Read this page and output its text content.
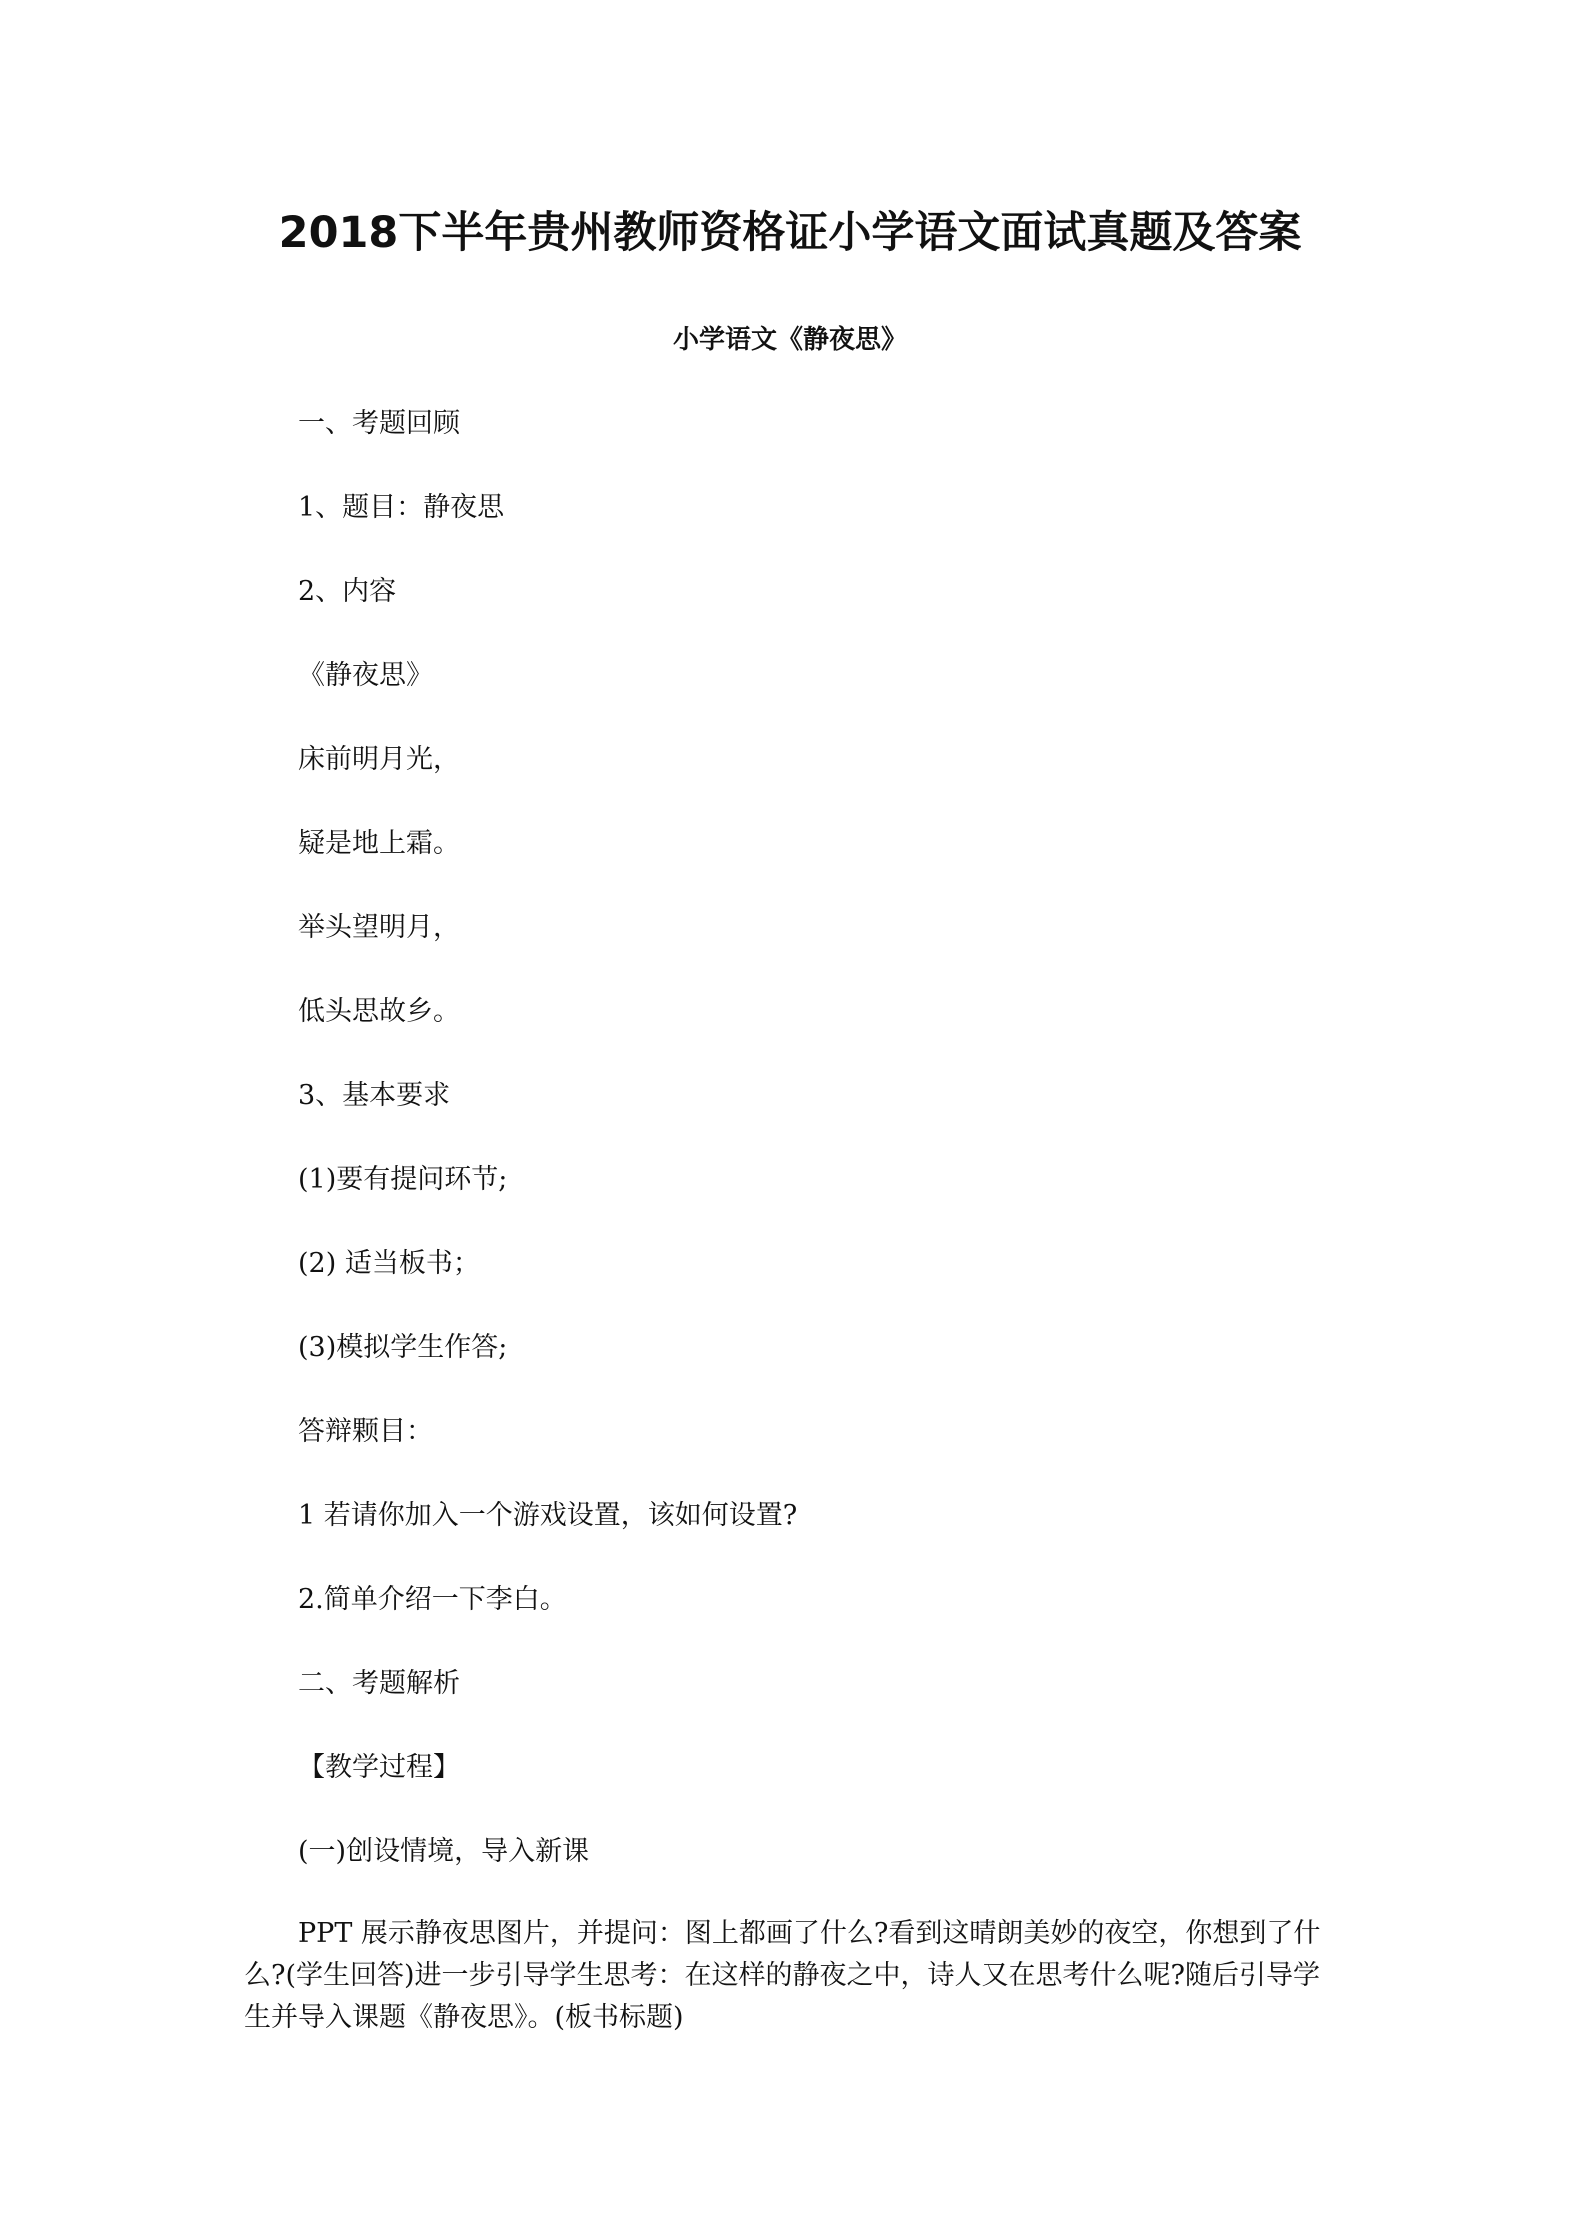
2018下半年贵州教师资格证小学语文面试真题及答案
小学语文《静夜思》
一、考题回顾
1、题目：静夜思
2、内容
《静夜思》
床前明月光，
疑是地上霜。
举头望明月，
低头思故乡。
3、基本要求
(1)要有提问环节;
(2) 适当板书；
(3)模拟学生作答;
答辩颗目：
1 若请你加入一个游戏设置，该如何设置?
2.简单介绍一下李白。
二、考题解析
【教学过程】
(一)创设情境，导入新课
PPT 展示静夜思图片，并提问：图上都画了什么?看到这晴朗美妙的夜空，你想到了什
么?(学生回答)进一步引导学生思考：在这样的静夜之中，诗人又在思考什么呢?随后引导学
生并导入课题《静夜思》。(板书标题)
